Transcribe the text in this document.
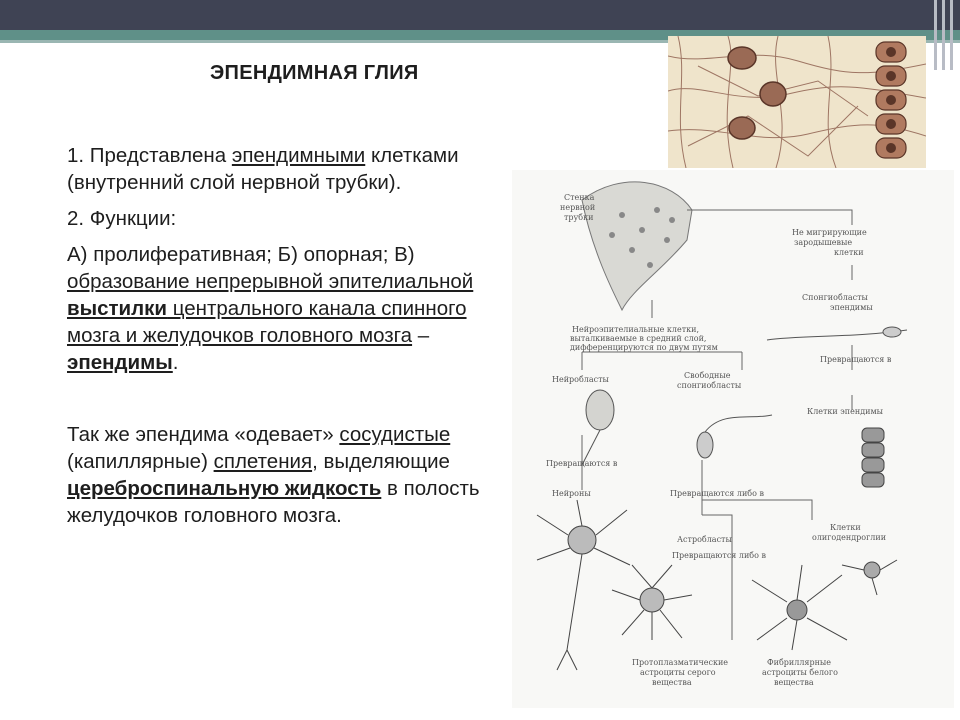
ЭПЕНДИМНАЯ ГЛИЯ

1. Представлена эпендимными клетками (внутренний слой нервной трубки).

2. Функции:

А) пролиферативная; Б) опорная; В) образование непрерывной эпителиальной выстилки центрального канала спинного мозга и желудочков головного мозга – эпендимы.

Так же эпендима «одевает» сосудистые (капиллярные) сплетения, выделяющие цереброспинальную жидкость в полость желудочков головного мозга.

Стенка
нервной
трубки
Не мигрирующие
зародышевые
клетки
Спонгиобласты
эпендимы
Нейроэпителиальные клетки,
выталкиваемые в средний слой,
дифференцируются по двум путям
Превращаются в
Клетки эпендимы
Нейробласты	Свободные
спонгиобласты
Превращаются в
Нейроны	Превращаются либо в
Астробласты
Клетки
олигодендроглии
Превращаются либо в
Протоплазматические
астроциты серого
вещества
Фибриллярные
астроциты белого
вещества
